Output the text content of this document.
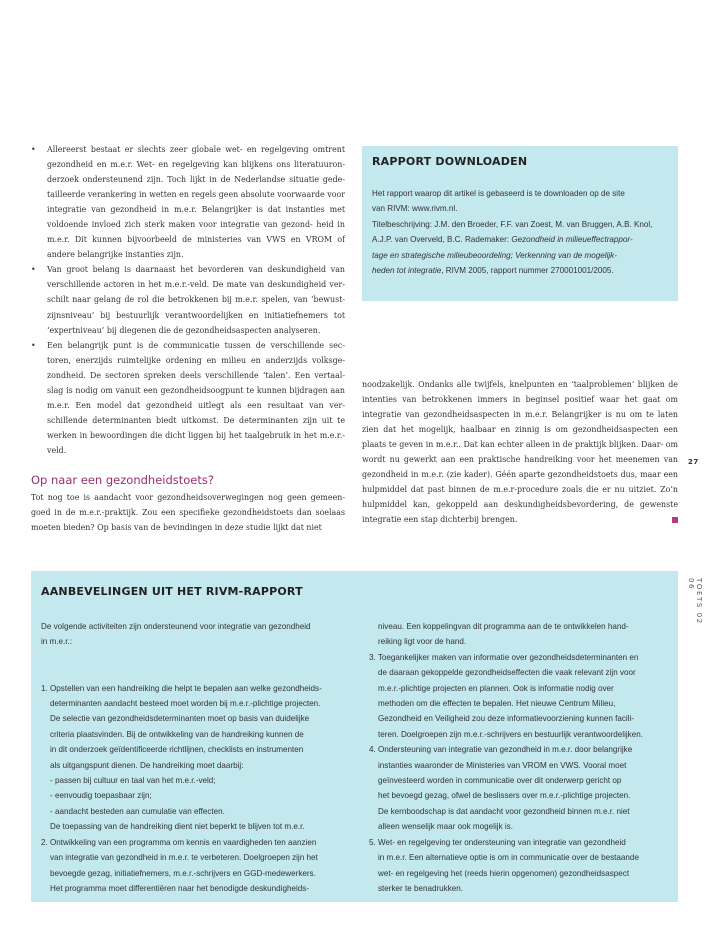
• Allereerst bestaat er slechts zeer globale wet- en regelgeving omtrent gezondheid en m.e.r. Wet- en regelgeving kan blijkens ons literatuuron- derzoek ondersteunend zijn. Toch lijkt in de Nederlandse situatie gede- tailleerde verankering in wetten en regels geen absolute voorwaarde voor integratie van gezondheid in m.e.r. Belangrijker is dat instanties met voldoende invloed zich sterk maken voor integratie van gezond- heid in m.e.r. Dit kunnen bijvoorbeeld de ministeries van VWS en VROM of andere belangrijke instanties zijn.
• Van groot belang is daarnaast het bevorderen van deskundigheid van verschillende actoren in het m.e.r.-veld. De mate van deskundigheid ver- schilt naar gelang de rol die betrokkenen bij m.e.r. spelen, van ‘bewust- zijnsniveau’ bij bestuurlijk verantwoordelijken en initiatiefnemers tot ‘expertniveau’ bij diegenen die de gezondheidsaspecten analyseren.
• Een belangrijk punt is de communicatie tussen de verschillende sec- toren, enerzijds ruimtelijke ordening en milieu en anderzijds volksge- zondheid. De sectoren spreken deels verschillende ‘talen’. Een vertaal- slag is nodig om vanuit een gezondheidsoogpunt te kunnen bijdragen aan m.e.r. Een model dat gezondheid uitlegt als een resultaat van ver- schillende determinanten biedt uitkomst. De determinanten zijn uit te werken in bewoordingen die dicht liggen bij het taalgebruik in het m.e.r.-veld.
Op naar een gezondheidstoets?

Tot nog toe is aandacht voor gezondheidsoverwegingen nog geen gemeen- goed in de m.e.r.-praktijk. Zou een specifieke gezondheidstoets dan soelaas moeten bieden? Op basis van de bevindingen in deze studie lijkt dat niet

RAPPORT DOWNLOADEN
Het rapport waarop dit artikel is gebaseerd is te downloaden op de site
van RIVM: www.rivm.nl.
Titelbeschrijving: J.M. den Broeder, F.F. van Zoest, M. van Bruggen, A.B. Knol,
A.J.P. van Overveld, B.C. Rademaker: Gezondheid in milieueffectrappor-
tage en strategische milieubeoordeling; Verkenning van de mogelijk-
heden tot integratie, RIVM 2005, rapport nummer 270001001/2005.
noodzakelijk. Ondanks alle twijfels, knelpunten en ‘taalproblemen’ blijken de intenties van betrokkenen immers in beginsel positief waar het gaat om integratie van gezondheidsaspecten in m.e.r. Belangrijker is nu om te laten zien dat het mogelijk, haalbaar en zinnig is om gezondheidsaspecten een plaats te geven in m.e.r.. Dat kan echter alleen in de praktijk blijken. Daar- om wordt nu gewerkt aan een praktische handreiking voor het meenemen van gezondheid in m.e.r. (zie kader). Géén aparte gezondheidstoets dus, maar een hulpmiddel dat past binnen de m.e.r-procedure zoals die er nu uitziet. Zo’n hulpmiddel kan, gekoppeld aan deskundigheidsbevordering, de gewenste integratie een stap dichterbij brengen.
27
TOETS 02 06
AANBEVELINGEN UIT HET RIVM-RAPPORT
De volgende activiteiten zijn ondersteunend voor integratie van gezondheid
in m.e.r.:

1. Opstellen van een handreiking die helpt te bepalen aan welke gezondheids-
determinanten aandacht besteed moet worden bij m.e.r.-plichtige projecten.
De selectie van gezondheidsdeterminanten moet op basis van duidelijke
criteria plaatsvinden. Bij de ontwikkeling van de handreiking kunnen de
in dit onderzoek geïdentificeerde richtlijnen, checklists en instrumenten
als uitgangspunt dienen. De handreiking moet daarbij:
- passen bij cultuur en taal van het m.e.r.-veld;
- eenvoudig toepasbaar zijn;
- aandacht besteden aan cumulatie van effecten.
De toepassing van de handreiking dient niet beperkt te blijven tot m.e.r.
2. Ontwikkeling van een programma om kennis en vaardigheden ten aanzien
van integratie van gezondheid in m.e.r. te verbeteren. Doelgroepen zijn het
bevoegde gezag, initiatiefnemers, m.e.r.-schrijvers en GGD-medewerkers.
Het programma moet differentiëren naar het benodigde deskundigheids-
niveau. Een koppelingvan dit programma aan de te ontwikkelen hand-
reiking ligt voor de hand.
3. Toegankelijker maken van informatie over gezondheidsdeterminanten en
de daaraan gekoppelde gezondheidseffecten die vaak relevant zijn voor
m.e.r.-plichtige projecten en plannen. Ook is informatie nodig over
methoden om die effecten te bepalen. Het nieuwe Centrum Milieu,
Gezondheid en Veiligheid zou deze informatievoorziening kunnen facili-
teren. Doelgroepen zijn m.e.r.-schrijvers en bestuurlijk verantwoordelijken.
4. Ondersteuning van integratie van gezondheid in m.e.r. door belangrijke
instanties waaronder de Ministeries van VROM en VWS. Vooral moet
geïnvesteerd worden in communicatie over dit onderwerp gericht op
het bevoegd gezag, ofwel de beslissers over m.e.r.-plichtige projecten.
De kernboodschap is dat aandacht voor gezondheid binnen m.e.r. niet
alleen wenselijk maar ook mogelijk is.
5. Wet- en regelgeving ter ondersteuning van integratie van gezondheid
in m.e.r. Een alternatieve optie is om in communicatie over de bestaande
wet- en regelgeving het (reeds hierin opgenomen) gezondheidsaspect
sterker te benadrukken.
